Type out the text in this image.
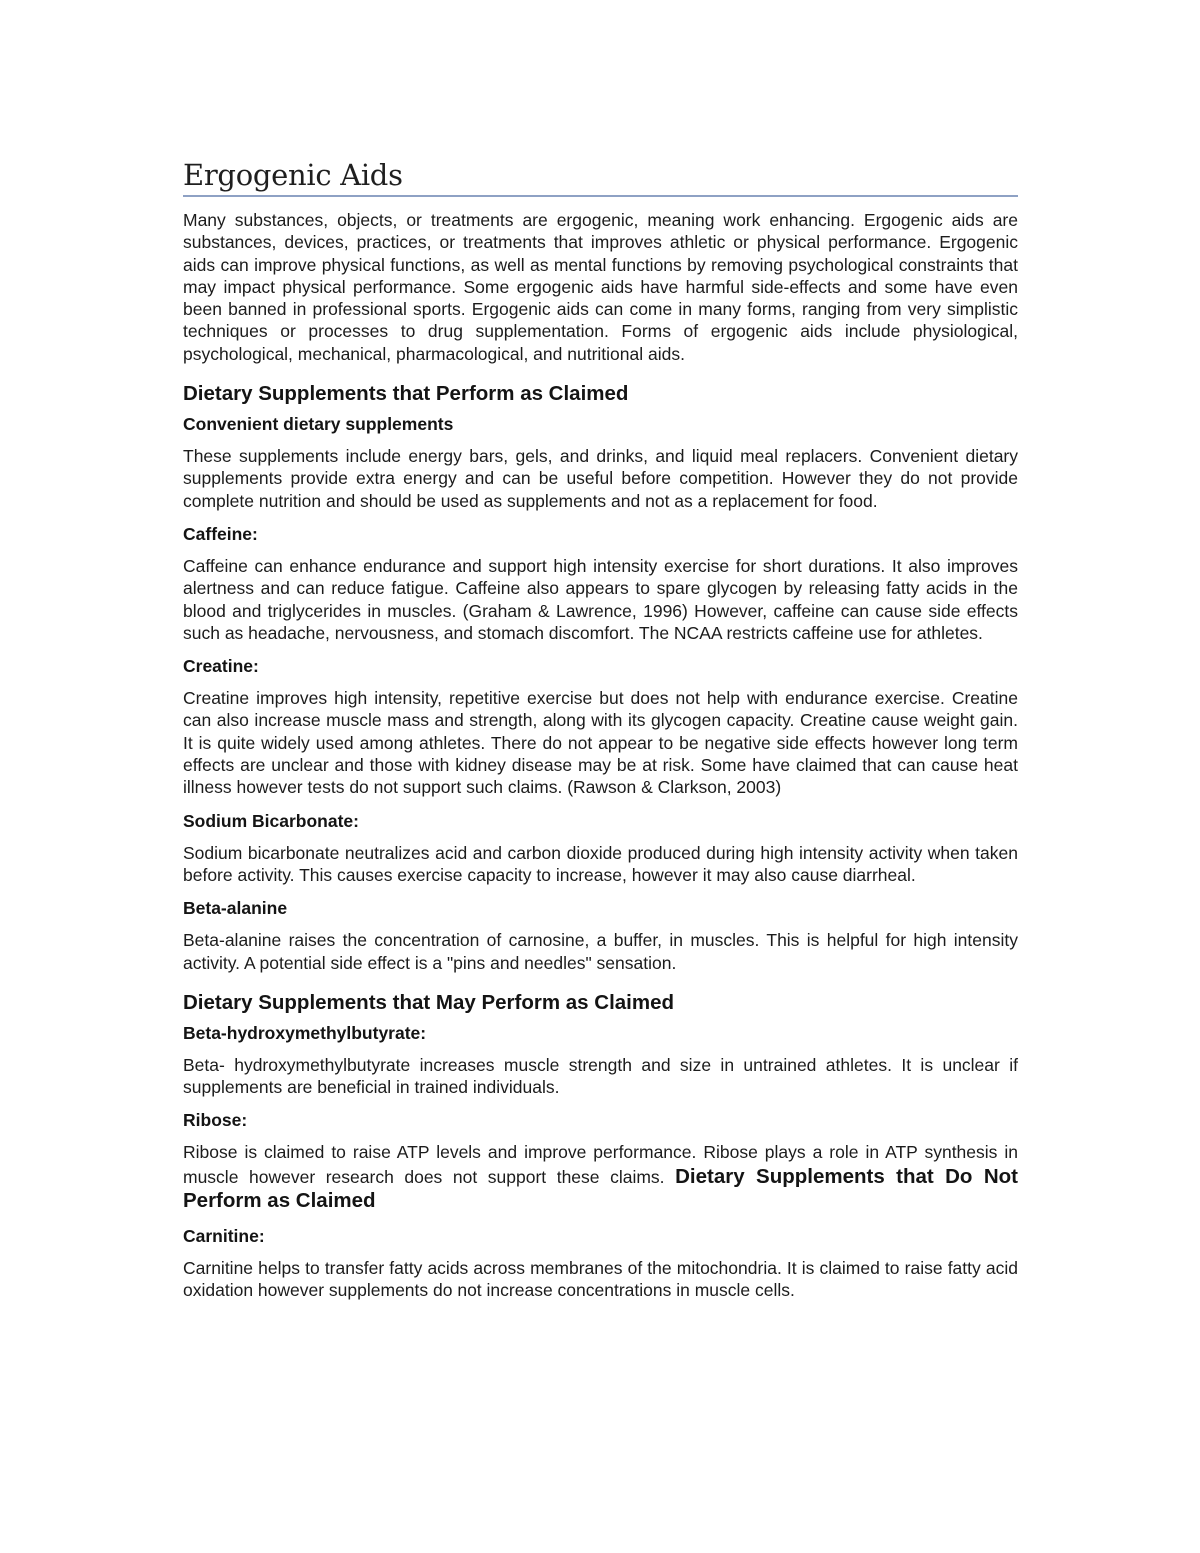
Ergogenic Aids

Many substances, objects, or treatments are ergogenic, meaning work enhancing. Ergogenic aids are substances, devices, practices, or treatments that improves athletic or physical performance. Ergogenic aids can improve physical functions, as well as mental functions by removing psychological constraints that may impact physical performance. Some ergogenic aids have harmful side-effects and some have even been banned in professional sports. Ergogenic aids can come in many forms, ranging from very simplistic techniques or processes to drug supplementation. Forms of ergogenic aids include physiological, psychological, mechanical, pharmacological, and nutritional aids.

Dietary Supplements that Perform as Claimed
Convenient dietary supplements

These supplements include energy bars, gels, and drinks, and liquid meal replacers. Convenient dietary supplements provide extra energy and can be useful before competition. However they do not provide complete nutrition and should be used as supplements and not as a replacement for food.

Caffeine:

Caffeine can enhance endurance and support high intensity exercise for short durations. It also improves alertness and can reduce fatigue. Caffeine also appears to spare glycogen by releasing fatty acids in the blood and triglycerides in muscles. (Graham & Lawrence, 1996) However, caffeine can cause side effects such as headache, nervousness, and stomach discomfort. The NCAA restricts caffeine use for athletes.

Creatine:

Creatine improves high intensity, repetitive exercise but does not help with endurance exercise. Creatine can also increase muscle mass and strength, along with its glycogen capacity. Creatine cause weight gain. It is quite widely used among athletes. There do not appear to be negative side effects however long term effects are unclear and those with kidney disease may be at risk. Some have claimed that can cause heat illness however tests do not support such claims. (Rawson & Clarkson, 2003)

Sodium Bicarbonate:

Sodium bicarbonate neutralizes acid and carbon dioxide produced during high intensity activity when taken before activity. This causes exercise capacity to increase, however it may also cause diarrheal.

Beta-alanine

Beta-alanine raises the concentration of carnosine, a buffer, in muscles. This is helpful for high intensity activity. A potential side effect is a "pins and needles" sensation.

Dietary Supplements that May Perform as Claimed
Beta-hydroxymethylbutyrate:

Beta- hydroxymethylbutyrate increases muscle strength and size in untrained athletes. It is unclear if supplements are beneficial in trained individuals.

Ribose:

Ribose is claimed to raise ATP levels and improve performance. Ribose plays a role in ATP synthesis in muscle however research does not support these claims. Dietary Supplements that Do Not Perform as Claimed

Carnitine:

Carnitine helps to transfer fatty acids across membranes of the mitochondria. It is claimed to raise fatty acid oxidation however supplements do not increase concentrations in muscle cells.
